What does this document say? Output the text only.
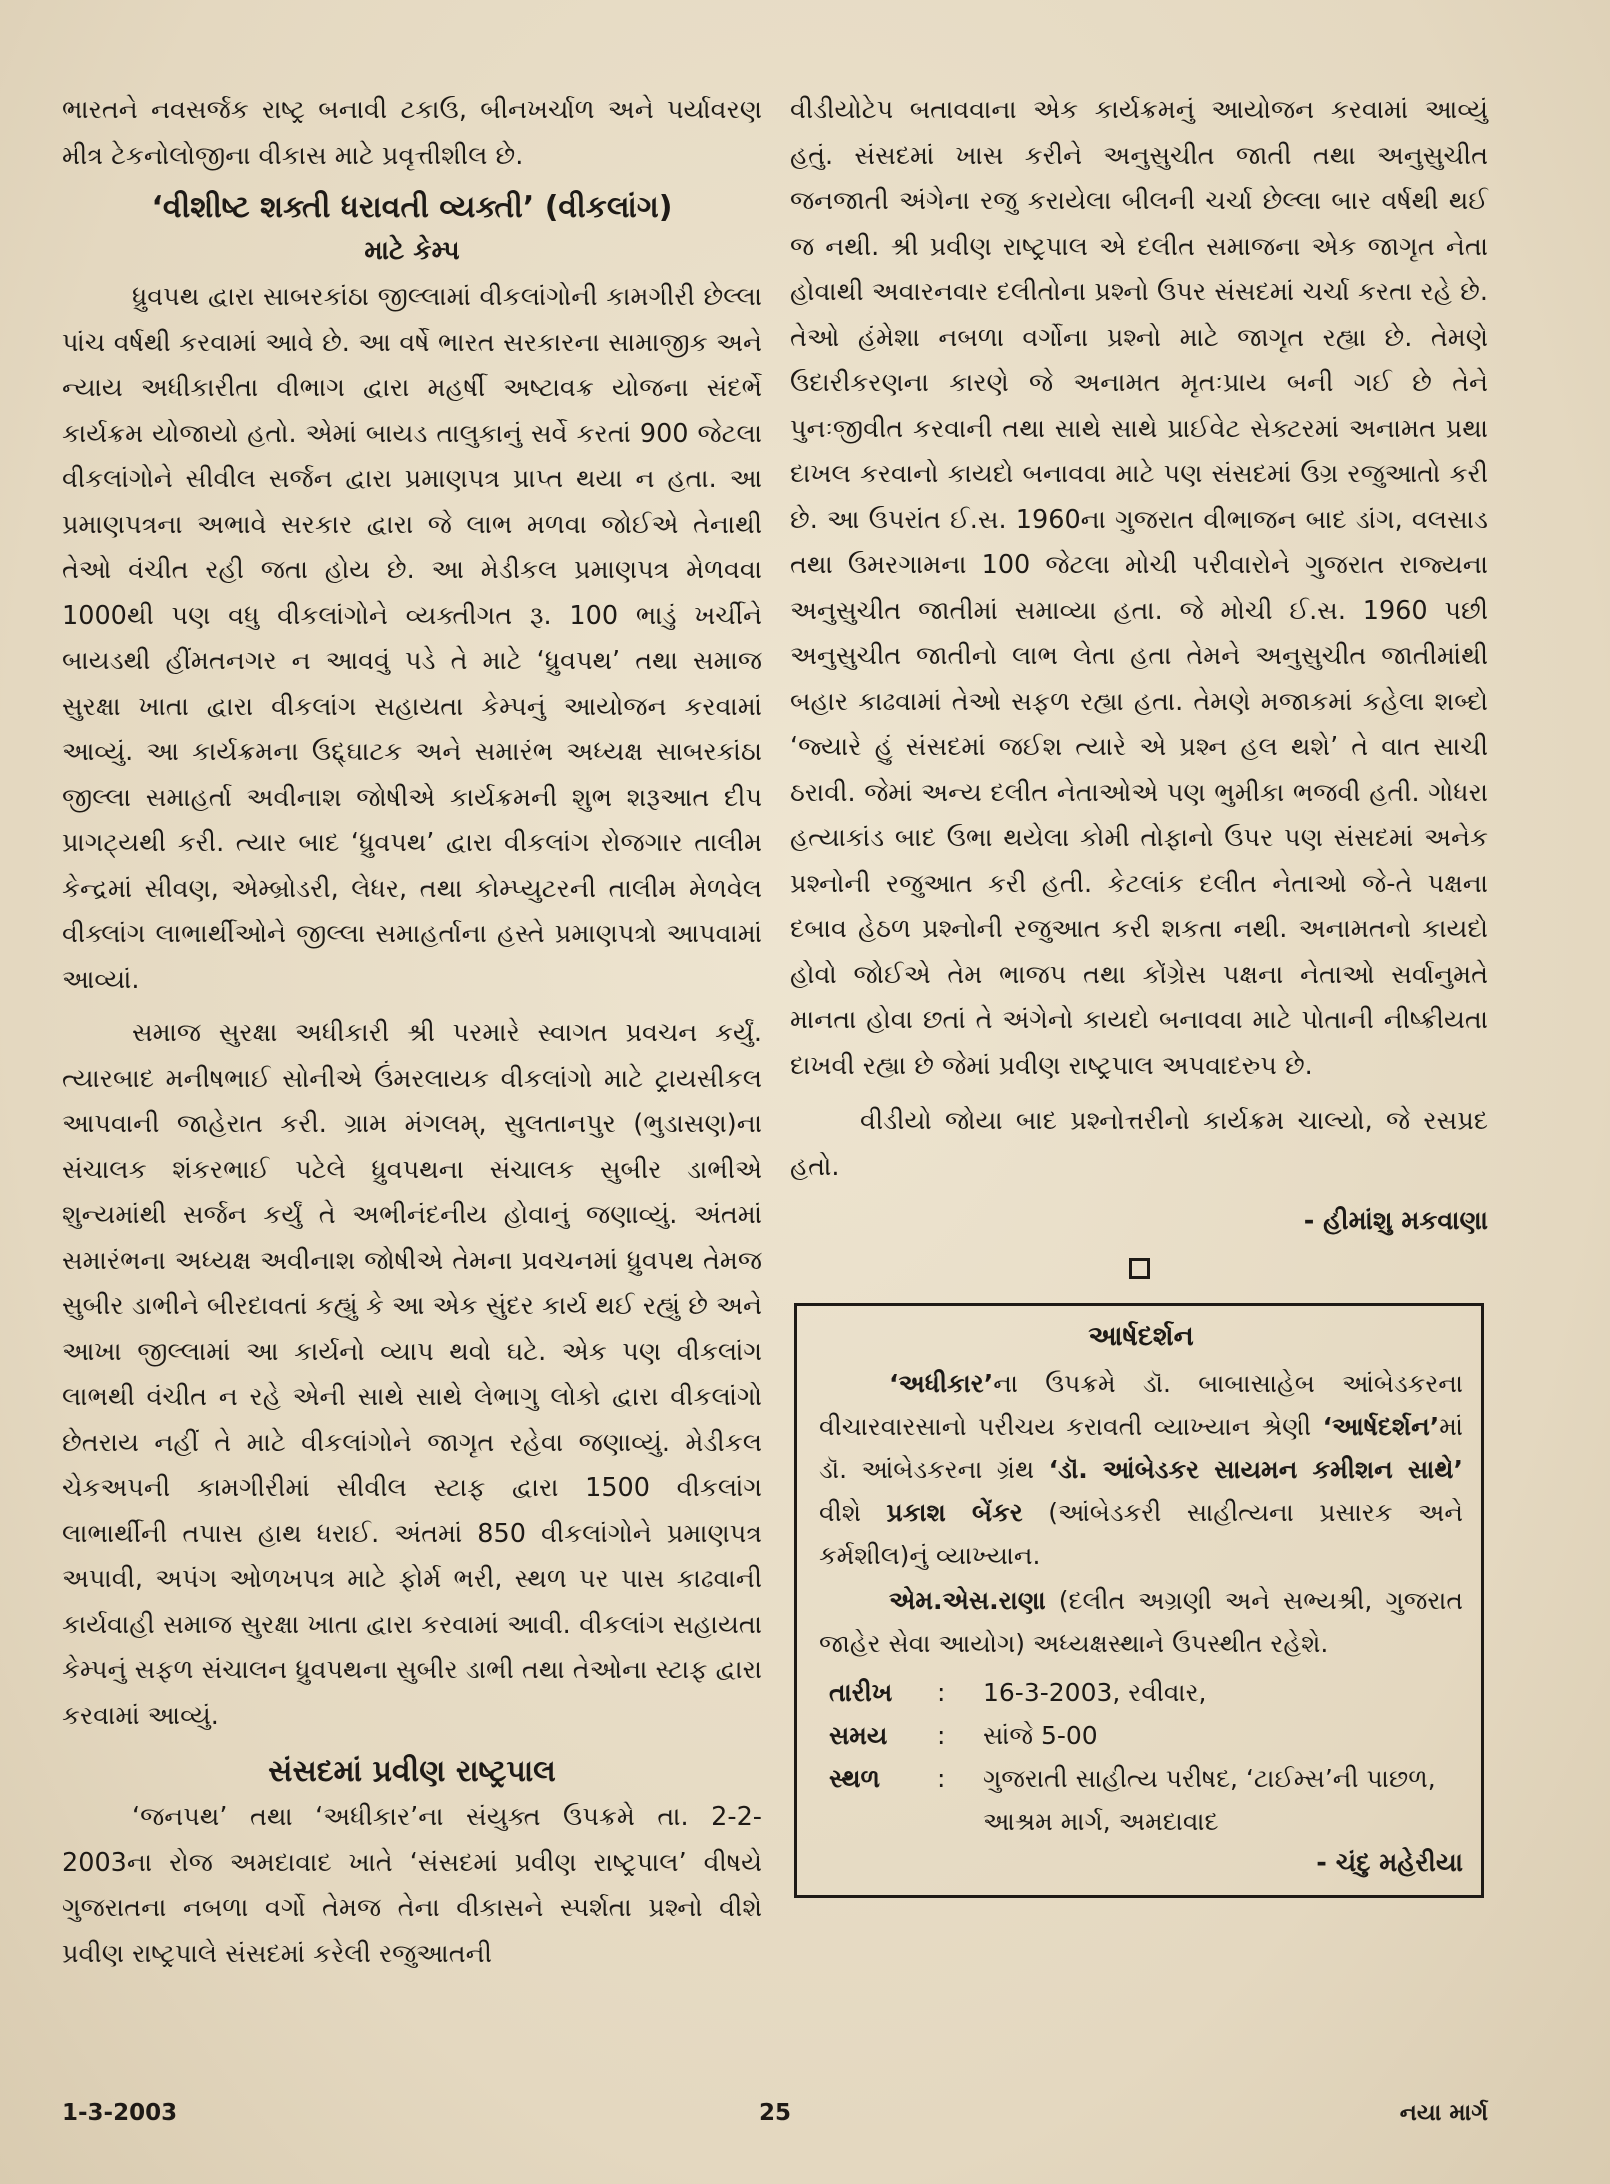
ભારતને નવસર્જક રાષ્ટ્ર બનાવી ટકાઉ, બીનખર્ચાળ અને પર્યાવરણ મીત્ર ટેકનોલોજીના વીકાસ માટે પ્રવૃત્તીશીલ છે.

‘વીશીષ્ટ શક્તી ધરાવતી વ્યક્તી’ (વીકલાંગ)
માટે કેમ્પ

ધ્રુવપથ દ્વારા સાબરકાંઠા જીલ્લામાં વીકલાંગોની કામગીરી છેલ્લા પાંચ વર્ષથી કરવામાં આવે છે. આ વર્ષે ભારત સરકારના સામાજીક અને ન્યાય અધીકારીતા વીભાગ દ્વારા મહર્ષી અષ્ટાવક્ર યોજના સંદર્ભે કાર્યક્રમ યોજાયો હતો. એમાં બાયડ તાલુકાનું સર્વે કરતાં 900 જેટલા વીકલાંગોને સીવીલ સર્જન દ્વારા પ્રમાણપત્ર પ્રાપ્ત થયા ન હતા. આ પ્રમાણપત્રના અભાવે સરકાર દ્વારા જે લાભ મળવા જોઈએ તેનાથી તેઓ વંચીત રહી જતા હોય છે. આ મેડીકલ પ્રમાણપત્ર મેળવવા 1000થી પણ વધુ વીકલાંગોને વ્યક્તીગત રૂ. 100 ભાડું ખર્ચીને બાયડથી હીંમતનગર ન આવવું પડે તે માટે ‘ધ્રુવપથ’ તથા સમાજ સુરક્ષા ખાતા દ્વારા વીકલાંગ સહાયતા કેમ્પનું આયોજન કરવામાં આવ્યું. આ કાર્યક્રમના ઉદ્દ્ઘાટક અને સમારંભ અધ્યક્ષ સાબરકાંઠા જીલ્લા સમાહર્તા અવીનાશ જોષીએ કાર્યક્રમની શુભ શરૂઆત દીપ પ્રાગટ્યથી કરી. ત્યાર બાદ ‘ધ્રુવપથ’ દ્વારા વીકલાંગ રોજગાર તાલીમ કેન્દ્રમાં સીવણ, એમ્બ્રોડરી, લેધર, તથા કોમ્પ્યુટરની તાલીમ મેળવેલ વીક્લાંગ લાભાર્થીઓને જીલ્લા સમાહર્તાના હસ્તે પ્રમાણપત્રો આપવામાં આવ્યાં.

સમાજ સુરક્ષા અધીકારી શ્રી પરમારે સ્વાગત પ્રવચન કર્યું. ત્યારબાદ મનીષભાઈ સોનીએ ઉંમરલાયક વીકલાંગો માટે ટ્રાયસીકલ આપવાની જાહેરાત કરી. ગ્રામ મંગલમ્, સુલતાનપુર (ભુડાસણ)ના સંચાલક શંકરભાઈ પટેલે ધ્રુવપથના સંચાલક સુબીર ડાભીએ શુન્યમાંથી સર્જન કર્યું તે અભીનંદનીય હોવાનું જણાવ્યું. અંતમાં સમારંભના અધ્યક્ષ અવીનાશ જોષીએ તેમના પ્રવચનમાં ધ્રુવપથ તેમજ સુબીર ડાભીને બીરદાવતાં કહ્યું કે આ એક સુંદર કાર્ય થઈ રહ્યું છે અને આખા જીલ્લામાં આ કાર્યનો વ્યાપ થવો ઘટે. એક પણ વીકલાંગ લાભથી વંચીત ન રહે એની સાથે સાથે લેભાગુ લોકો દ્વારા વીકલાંગો છેતરાય નહીં તે માટે વીકલાંગોને જાગૃત રહેવા જણાવ્યું. મેડીકલ ચેકઅપની કામગીરીમાં સીવીલ સ્ટાફ દ્વારા 1500 વીકલાંગ લાભાર્થીની તપાસ હાથ ધરાઈ. અંતમાં 850 વીકલાંગોને પ્રમાણપત્ર અપાવી, અપંગ ઓળખપત્ર માટે ફોર્મ ભરી, સ્થળ પર પાસ કાઢવાની કાર્યવાહી સમાજ સુરક્ષા ખાતા દ્વારા કરવામાં આવી. વીકલાંગ સહાયતા કેમ્પનું સફળ સંચાલન ધ્રુવપથના સુબીર ડાભી તથા તેઓના સ્ટાફ દ્વારા કરવામાં આવ્યું.

સંસદમાં પ્રવીણ રાષ્ટ્રપાલ

‘જનપથ’ તથા ‘અધીકાર’ના સંયુક્ત ઉપક્રમે તા. 2-2-2003ના રોજ અમદાવાદ ખાતે ‘સંસદમાં પ્રવીણ રાષ્ટ્રપાલ’ વીષયે ગુજરાતના નબળા વર્ગો તેમજ તેના વીકાસને સ્પર્શતા પ્રશ્નો વીશે પ્રવીણ રાષ્ટ્રપાલે સંસદમાં કરેલી રજુઆતની

વીડીયોટેપ બતાવવાના એક કાર્યક્રમનું આયોજન કરવામાં આવ્યું હતું. સંસદમાં ખાસ કરીને અનુસુચીત જાતી તથા અનુસુચીત જનજાતી અંગેના રજુ કરાયેલા બીલની ચર્ચા છેલ્લા બાર વર્ષથી થઈ જ નથી. શ્રી પ્રવીણ રાષ્ટ્રપાલ એ દલીત સમાજના એક જાગૃત નેતા હોવાથી અવારનવાર દલીતોના પ્રશ્નો ઉપર સંસદમાં ચર્ચા કરતા રહે છે. તેઓ હંમેશા નબળા વર્ગોના પ્રશ્નો માટે જાગૃત રહ્યા છે. તેમણે ઉદારીકરણના કારણે જે અનામત મૃતઃપ્રાય બની ગઈ છે તેને પુનઃજીવીત કરવાની તથા સાથે સાથે પ્રાઈવેટ સેક્ટરમાં અનામત પ્રથા દાખલ કરવાનો કાયદો બનાવવા માટે પણ સંસદમાં ઉગ્ર રજુઆતો કરી છે. આ ઉપરાંત ઈ.સ. 1960ના ગુજરાત વીભાજન બાદ ડાંગ, વલસાડ તથા ઉમરગામના 100 જેટલા મોચી પરીવારોને ગુજરાત રાજ્યના અનુસુચીત જાતીમાં સમાવ્યા હતા. જે મોચી ઈ.સ. 1960 પછી અનુસુચીત જાતીનો લાભ લેતા હતા તેમને અનુસુચીત જાતીમાંથી બહાર કાઢવામાં તેઓ સફળ રહ્યા હતા. તેમણે મજાકમાં કહેલા શબ્દો ‘જ્યારે હું સંસદમાં જઈશ ત્યારે એ પ્રશ્ન હલ થશે’ તે વાત સાચી ઠરાવી. જેમાં અન્ય દલીત નેતાઓએ પણ ભુમીકા ભજવી હતી. ગોધરા હત્યાકાંડ બાદ ઉભા થયેલા કોમી તોફાનો ઉપર પણ સંસદમાં અનેક પ્રશ્નોની રજુઆત કરી હતી. કેટલાંક દલીત નેતાઓ જે-તે પક્ષના દબાવ હેઠળ પ્રશ્નોની રજુઆત કરી શકતા નથી. અનામતનો કાયદો હોવો જોઈએ તેમ ભાજપ તથા કોંગ્રેસ પક્ષના નેતાઓ સર્વાનુમતે માનતા હોવા છતાં તે અંગેનો કાયદો બનાવવા માટે પોતાની નીષ્ક્રીયતા દાખવી રહ્યા છે જેમાં પ્રવીણ રાષ્ટ્રપાલ અપવાદરુપ છે.

વીડીયો જોયા બાદ પ્રશ્નોત્તરીનો કાર્યક્રમ ચાલ્યો, જે રસપ્રદ હતો.

- હીમાંશુ મકવાણા
આર્ષદર્શન

‘અધીકાર’ના ઉપક્રમે ડૉ. બાબાસાહેબ આંબેડકરના વીચારવારસાનો પરીચય કરાવતી વ્યાખ્યાન શ્રેણી ‘આર્ષદર્શન’માં ડૉ. આંબેડકરના ગ્રંથ ‘ડૉ. આંબેડકર સાયમન કમીશન સાથે’ વીશે પ્રકાશ બેંકર (આંબેડકરી સાહીત્યના પ્રસારક અને કર્મશીલ)નું વ્યાખ્યાન.

એમ.એસ.રાણા (દલીત અગ્રણી અને સભ્યશ્રી, ગુજરાત જાહેર સેવા આયોગ) અધ્યક્ષસ્થાને ઉપસ્થીત રહેશે.

તારીખ	:	16-3-2003, રવીવાર,
સમય	:	સાંજે 5-00
સ્થળ	:	ગુજરાતી સાહીત્ય પરીષદ, ‘ટાઈમ્સ’ની પાછળ, આશ્રમ માર્ગ, અમદાવાદ
- ચંદુ મહેરીયા
1-3-2003	25	નયા માર્ગ
